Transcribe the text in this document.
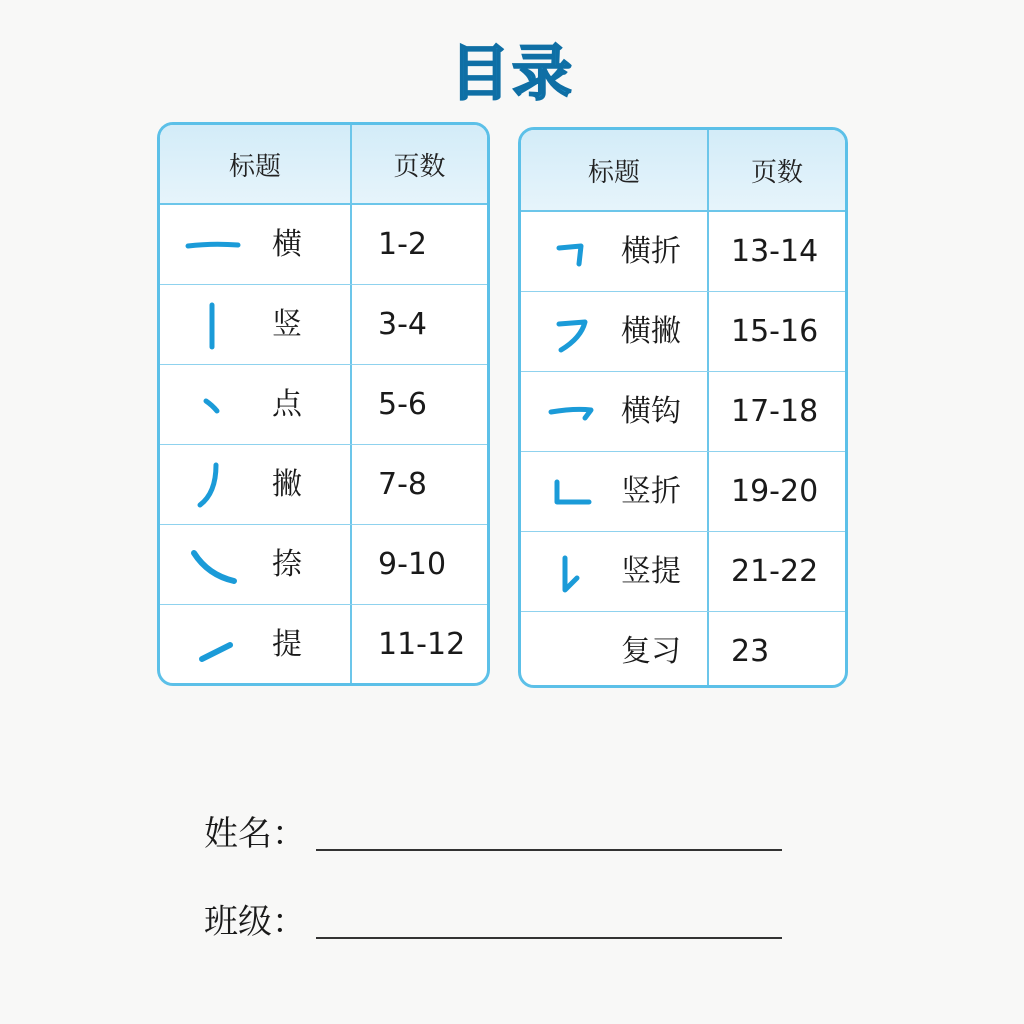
目录
标题	页数
横	1-2
竖	3-4
点	5-6
撇	7-8
捺	9-10
提	11-12
标题	页数
横折	13-14
横撇	15-16
横钩	17-18
竖折	19-20
竖提	21-22
复习	23
姓名：
班级：
